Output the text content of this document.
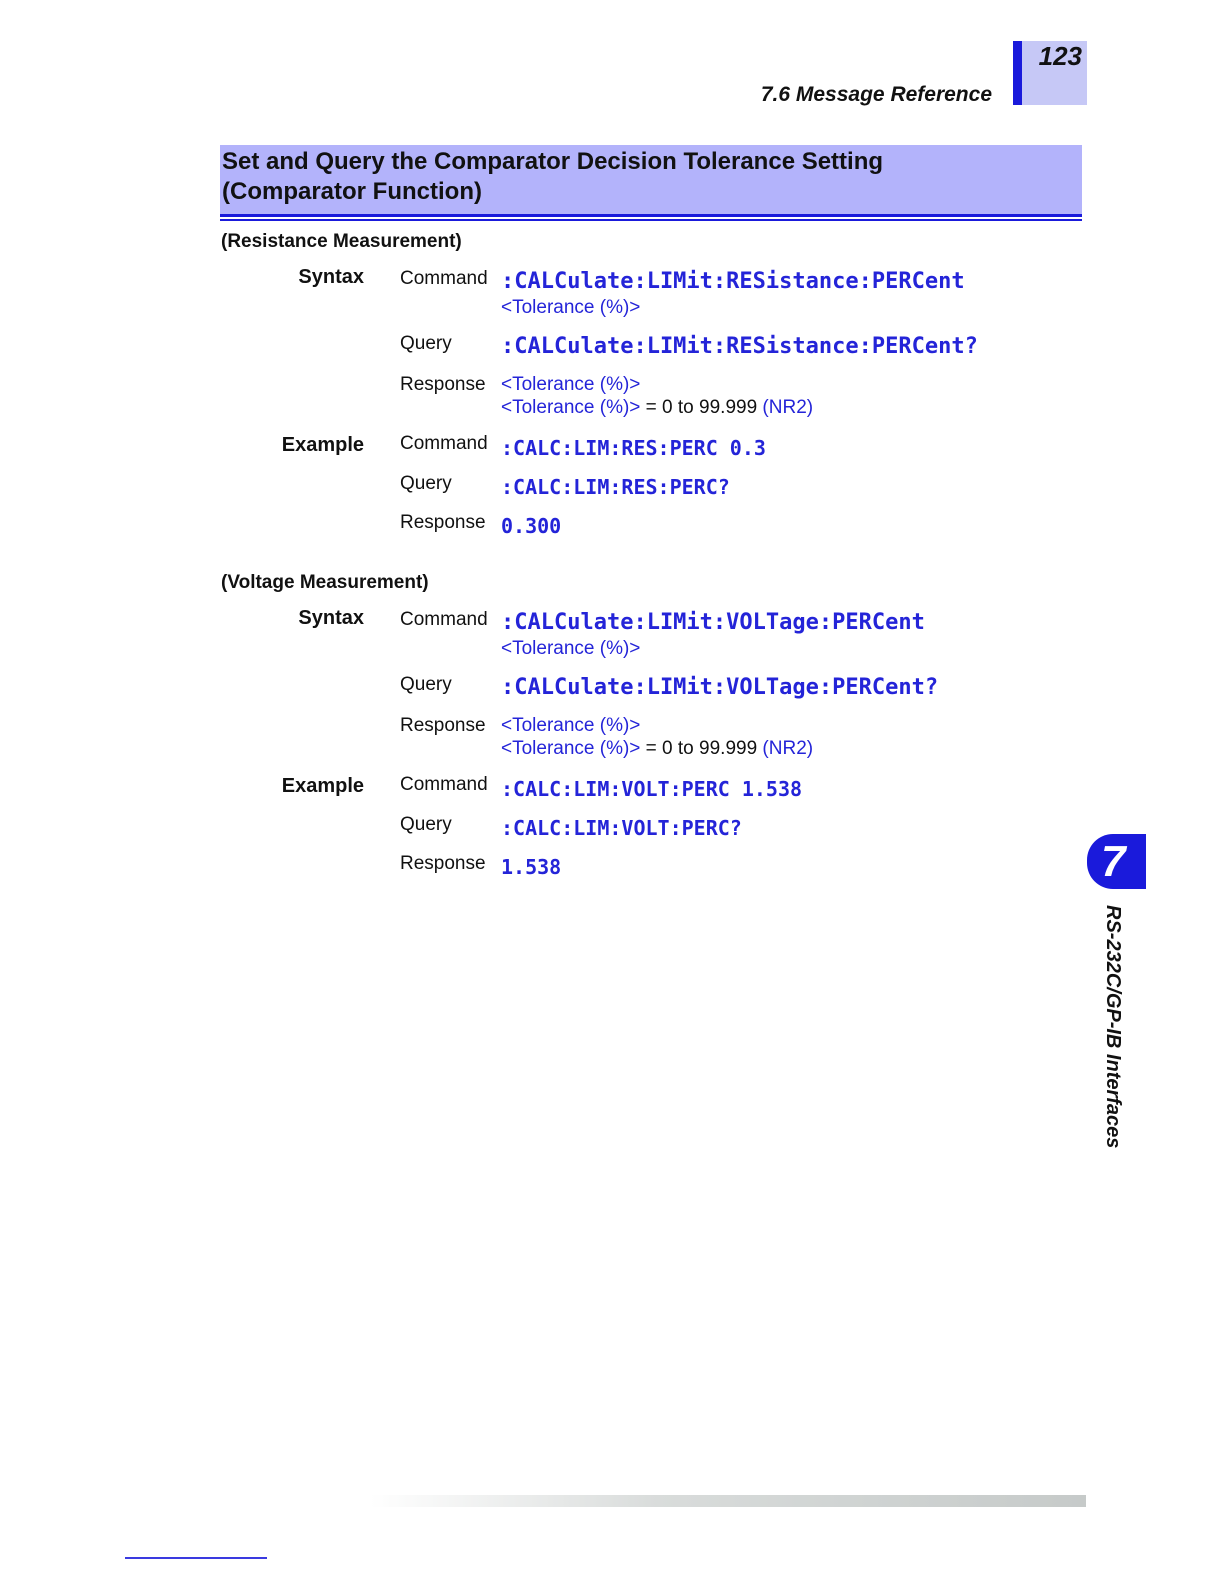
123
7.6 Message Reference
Set and Query the Comparator Decision Tolerance Setting
(Comparator Function)
(Resistance Measurement)
Syntax Command :CALCulate:LIMit:RESistance:PERCent
<Tolerance (%)>
Query :CALCulate:LIMit:RESistance:PERCent?
Response <Tolerance (%)>
<Tolerance (%)> = 0 to 99.999 (NR2)
Example Command :CALC:LIM:RES:PERC 0.3
Query :CALC:LIM:RES:PERC?
Response 0.300
(Voltage Measurement)
Syntax Command :CALCulate:LIMit:VOLTage:PERCent
<Tolerance (%)>
Query :CALCulate:LIMit:VOLTage:PERCent?
Response <Tolerance (%)>
<Tolerance (%)> = 0 to 99.999 (NR2)
Example Command :CALC:LIM:VOLT:PERC 1.538
Query :CALC:LIM:VOLT:PERC?
Response 1.538	7
RS-232C/GP-IB Interfaces
